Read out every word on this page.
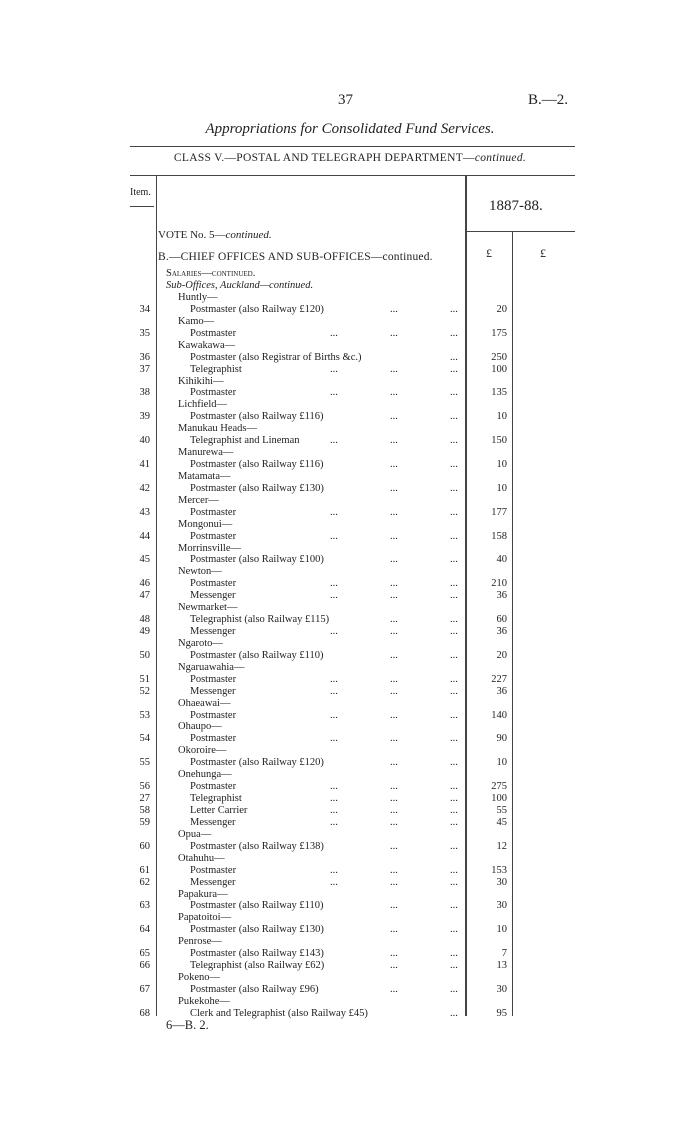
37	B.—2.
Appropriations for Consolidated Fund Services.
CLASS V.—POSTAL AND TELEGRAPH DEPARTMENT—continued.
Item.
1887-88.
VOTE No. 5—continued.
B.—CHIEF OFFICES AND SUB-OFFICES—continued.	£	£
Salaries—continued.
Sub-Offices, Auckland—continued.
Huntly—
34	Postmaster (also Railway £120)	...	...	20
Kamo—
35	Postmaster	...	...	...	175
Kawakawa—
36	Postmaster (also Registrar of Births &c.)	...	250
37	Telegraphist	...	...	...	100
Kihikihi—
38	Postmaster	...	...	...	135
Lichfield—
39	Postmaster (also Railway £116)	...	...	10
Manukau Heads—
40	Telegraphist and Lineman	...	...	...	150
Manurewa—
41	Postmaster (also Railway £116)	...	...	10
Matamata—
42	Postmaster (also Railway £130)	...	...	10
Mercer—
43	Postmaster	...	...	...	177
Mongonui—
44	Postmaster	...	...	...	158
Morrinsville—
45	Postmaster (also Railway £100)	...	...	40
Newton—
46	Postmaster	...	...	...	210
47	Messenger	...	...	...	36
Newmarket—
48	Telegraphist (also Railway £115)	...	...	60
49	Messenger	...	...	...	36
Ngaroto—
50	Postmaster (also Railway £110)	...	...	20
Ngaruawahia—
51	Postmaster	...	...	...	227
52	Messenger	...	...	...	36
Ohaeawai—
53	Postmaster	...	...	...	140
Ohaupo—
54	Postmaster	...	...	...	90
Okoroire—
55	Postmaster (also Railway £120)	...	...	10
Onehunga—
56	Postmaster	...	...	...	275
27	Telegraphist	...	...	...	100
58	Letter Carrier	...	...	...	55
59	Messenger	...	...	...	45
Opua—
60	Postmaster (also Railway £138)	...	...	12
Otahuhu—
61	Postmaster	...	...	...	153
62	Messenger	...	...	...	30
Papakura—
63	Postmaster (also Railway £110)	...	...	30
Papatoitoi—
64	Postmaster (also Railway £130)	...	...	10
Penrose—
65	Postmaster (also Railway £143)	...	...	7
66	Telegraphist (also Railway £62)	...	...	13
Pokeno—
67	Postmaster (also Railway £96)	...	...	30
Pukekohe—
68	Clerk and Telegraphist (also Railway £45)	...	95
6—B. 2.
